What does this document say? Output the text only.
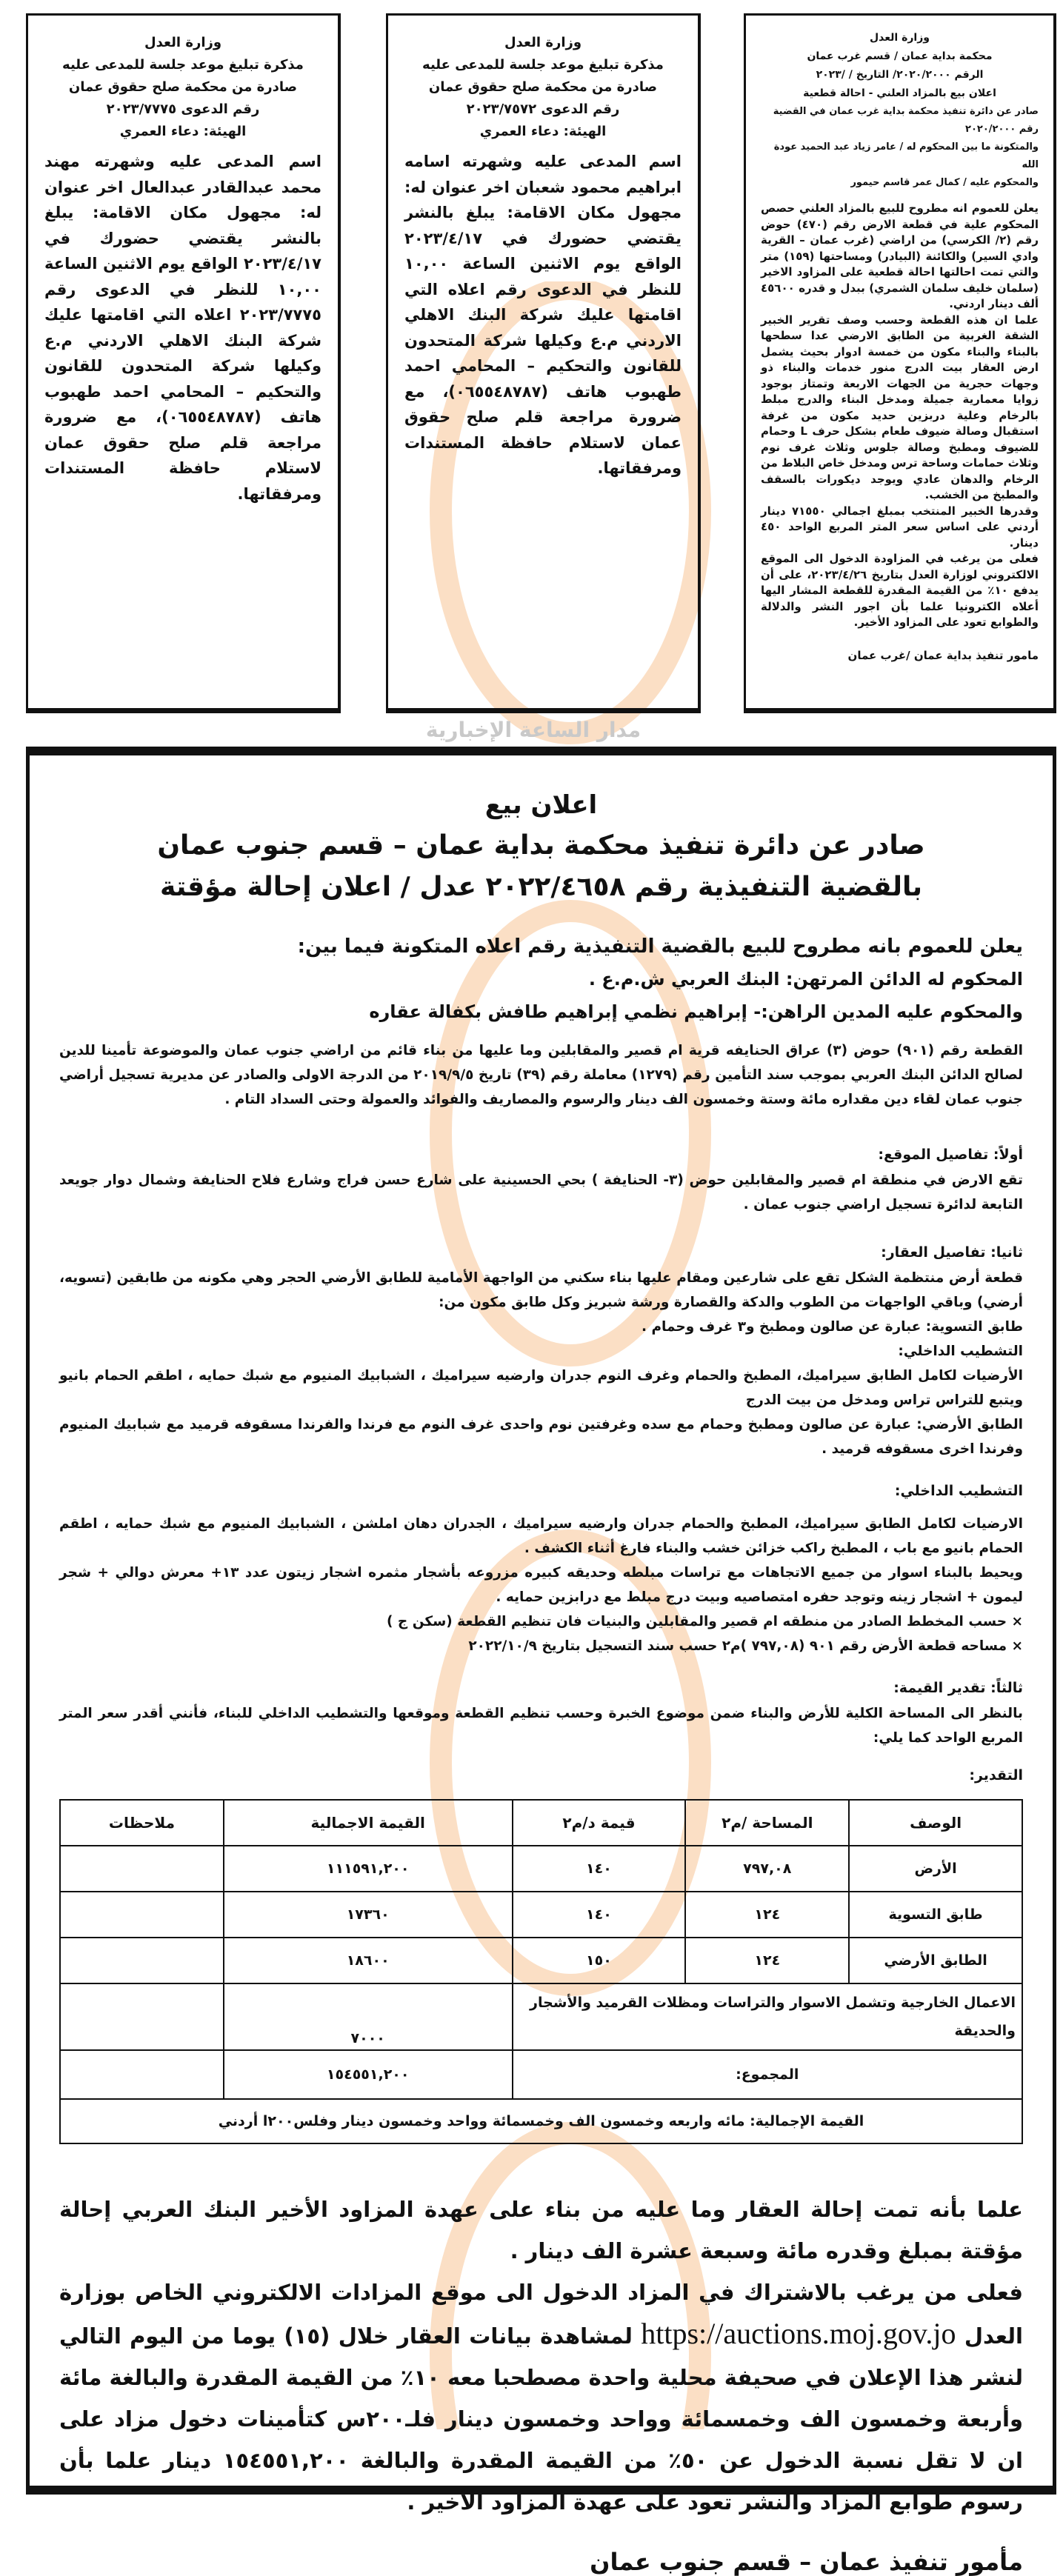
مدار الساعة الإخبارية
وزارة العدل
مذكرة تبليغ موعد جلسة للمدعى عليه
صادرة من محكمة صلح حقوق عمان
رقم الدعوى ٢٠٢٣/٧٧٧٥
الهيئة: دعاء العمري
اسم المدعى عليه وشهرته مهند محمد عبدالقادر عبدالعال اخر عنوان له: مجهول مكان الاقامة: يبلغ بالنشر يقتضي حضورك في ٢٠٢٣/٤/١٧ الواقع يوم الاثنين الساعة ١٠,٠٠ للنظر في الدعوى رقم ٢٠٢٣/٧٧٧٥ اعلاه التي اقامتها عليك شركة البنك الاهلي الاردني م.ع وكيلها شركة المتحدون للقانون والتحكيم – المحامي احمد طهبوب هاتف (٠٦٥٥٤٨٧٨٧)، مع ضرورة مراجعة قلم صلح حقوق عمان لاستلام حافظة المستندات ومرفقاتها.
وزارة العدل
مذكرة تبليغ موعد جلسة للمدعى عليه
صادرة من محكمة صلح حقوق عمان
رقم الدعوى ٢٠٢٣/٧٥٧٢
الهيئة: دعاء العمري
اسم المدعى عليه وشهرته اسامه ابراهيم محمود شعبان اخر عنوان له: مجهول مكان الاقامة: يبلغ بالنشر يقتضي حضورك في ٢٠٢٣/٤/١٧ الواقع يوم الاثنين الساعة ١٠,٠٠ للنظر في الدعوى رقم اعلاه التي اقامتها عليك شركة البنك الاهلي الاردني م.ع وكيلها شركة المتحدون للقانون والتحكيم – المحامي احمد طهبوب هاتف (٠٦٥٥٤٨٧٨٧)، مع ضرورة مراجعة قلم صلح حقوق عمان لاستلام حافظة المستندات ومرفقاتها.
وزارة العدل
محكمة بداية عمان / قسم غرب عمان
الرقم ٢٠٢٠/٢٠٠٠/ التاريخ / /٢٠٢٣
اعلان بيع بالمزاد العلني - احالة قطعية
صادر عن دائرة تنفيذ محكمة بداية غرب عمان في القضية رقم ٢٠٢٠/٢٠٠٠
والمتكونة ما بين المحكوم له / عامر زياد عبد الحميد عودة الله
والمحكوم عليه / كمال عمر قاسم حيمور
يعلن للعموم انه مطروح للبيع بالمزاد العلني حصص المحكوم علية في قطعة الارض رقم (٤٧٠) حوض رقم (٢/ الكرسي) من اراضي (غرب عمان – القرية وادي السير) والكائنة (البيادر) ومساحتها (١٥٩) متر والتي تمت احالتها احالة قطعية على المزاود الاخير (سلمان خليف سلمان الشمري) ببدل و قدره ٤٥٦٠٠ ألف دينار اردني.
علما ان هذه القطعة وحسب وصف تقرير الخبير الشقة الغربية من الطابق الارضي عدا سطحها بالبناء والبناء مكون من خمسة ادوار بحيث يشمل ارض العقار بيت الدرج منور خدمات والبناء ذو وجهات حجرية من الجهات الاربعة وتمتاز بوجود زوايا معمارية جميلة ومدخل البناء والدرج مبلط بالرخام وعلية دربزين حديد مكون من غرفة استقبال وصالة ضيوف طعام بشكل حرف L وحمام للضيوف ومطبخ وصالة جلوس وثلاث غرف نوم وثلاث حمامات وساحة ترس ومدخل خاص البلاط من الرخام والدهان عادي ويوجد ديكورات بالسقف والمطبخ من الخشب.
وقدرها الخبير المنتخب بمبلغ اجمالي ٧١٥٥٠ دينار أردني على اساس سعر المتر المربع الواحد ٤٥٠ دينار.
فعلى من يرغب في المزاودة الدخول الى الموقع الالكتروني لوزارة العدل بتاريخ ٢٠٢٣/٤/٢٦، على أن يدفع ١٠٪ من القيمة المقدرة للقطعة المشار اليها أعلاه الكترونيا علما بأن اجور النشر والدلالة والطوابع تعود على المزاود الأخير.
مامور تنفيذ بداية عمان /غرب عمان
اعلان بيع
صادر عن دائرة تنفيذ محكمة بداية عمان – قسم جنوب عمان
بالقضية التنفيذية رقم ٢٠٢٢/٤٦٥٨ عدل / اعلان إحالة مؤقتة
يعلن للعموم بانه مطروح للبيع بالقضية التنفيذية رقم اعلاه المتكونة فيما بين:
المحكوم له الدائن المرتهن: البنك العربي ش.م.ع .
والمحكوم عليه المدين الراهن:- إبراهيم نظمي إبراهيم طافش بكفالة عقاره
القطعة رقم (٩٠١) حوض (٣) عراق الحنايفه قرية ام قصير والمقابلين وما عليها من بناء قائم من اراضي جنوب عمان والموضوعة تأمينا للدين لصالح الدائن البنك العربي بموجب سند التأمين رقم (١٢٧٩) معاملة رقم (٣٩) تاريخ ٢٠١٩/٩/٥ من الدرجة الاولى والصادر عن مديرية تسجيل أراضي جنوب عمان لقاء دين مقداره مائة وستة وخمسون الف دينار والرسوم والمصاريف والفوائد والعمولة وحتى السداد التام .
أولاً: تفاصيل الموقع:
تقع الارض في منطقة ام قصير والمقابلين حوض (٣- الحنايفة ) بحي الحسينية على شارع حسن فراج وشارع فلاح الحنايفة وشمال دوار جويعد التابعة لدائرة تسجيل اراضي جنوب عمان .
ثانيا: تفاصيل العقار:
قطعة أرض منتظمة الشكل تقع على شارعين ومقام عليها بناء سكني من الواجهة الأمامية للطابق الأرضي الحجر وهي مكونه من طابقين (تسويه، أرضي) وباقي الواجهات من الطوب والدكة والقصارة ورشة شبريز وكل طابق مكون من:
طابق التسوية: عبارة عن صالون ومطبخ و٣ غرف وحمام .
التشطيب الداخلي:
الأرضيات لكامل الطابق سيراميك، المطبخ والحمام وغرف النوم جدران وارضيه سيراميك ، الشبابيك المنيوم مع شبك حمايه ، اطقم الحمام بانيو ويتبع للتراس تراس ومدخل من بيت الدرج
الطابق الأرضي: عبارة عن صالون ومطبخ وحمام مع سده وغرفتين نوم واحدى غرف النوم مع فرندا والفرندا مسقوفه قرميد مع شبابيك المنيوم وفرندا اخرى مسقوفه قرميد .
التشطيب الداخلي:
الارضيات لكامل الطابق سيراميك، المطبخ والحمام جدران وارضيه سيراميك ، الجدران دهان املشن ، الشبابيك المنيوم مع شبك حمايه ، اطقم الحمام بانيو مع باب ، المطبخ راكب خزائن خشب والبناء فارغ أثناء الكشف .
ويحيط بالبناء اسوار من جميع الاتجاهات مع تراسات مبلطه وحديقه كبيره مزروعه بأشجار مثمره اشجار زيتون عدد ١٣+ معرش دوالي + شجر ليمون + اشجار زينه وتوجد حفره امتصاصيه وبيت درج مبلط مع درابزين حمايه .
× حسب المخطط الصادر من منطقه ام قصير والمقابلين والبنيات فان تنظيم القطعة (سكن ج )
× مساحه قطعة الأرض رقم ٩٠١ (٧٩٧,٠٨ )م٢ حسب سند التسجيل بتاريخ ٢٠٢٢/١٠/٩
ثالثاً: تقدير القيمة:
بالنظر الى المساحة الكلية للأرض والبناء ضمن موضوع الخبرة وحسب تنظيم القطعة وموقعها والتشطيب الداخلي للبناء، فأنني أقدر سعر المتر المربع الواحد كما يلي:
التقدير:
الوصف	المساحة /م٢	قيمة د/م٢	القيمة الاجمالية	ملاحظات
الأرض	٧٩٧,٠٨	١٤٠	١١١٥٩١,٢٠٠	
طابق التسوية	١٢٤	١٤٠	١٧٣٦٠	
الطابق الأرضي	١٢٤	١٥٠	١٨٦٠٠	
الاعمال الخارجية وتشمل الاسوار والتراسات ومظلات القرميد والأشجار والحديقة			٧٠٠٠	
المجموع:			١٥٤٥٥١,٢٠٠	
القيمة الإجمالية: مائه واربعه وخمسون الف وخمسمائة وواحد وخمسون دينار وفلس٢٠٠ا أردني				
علما بأنه تمت إحالة العقار وما عليه من بناء على عهدة المزاود الأخير البنك العربي إحالة مؤقتة بمبلغ وقدره مائة وسبعة عشرة الف دينار .
فعلى من يرغب بالاشتراك في المزاد الدخول الى موقع المزادات الالكتروني الخاص بوزارة العدل https://auctions.moj.gov.jo لمشاهدة بيانات العقار خلال (١٥) يوما من اليوم التالي لنشر هذا الإعلان في صحيفة محلية واحدة مصطحبا معه ١٠٪ من القيمة المقدرة والبالغة مائة وأربعة وخمسون الف وخمسمائة وواحد وخمسون دينار فلـ٢٠٠س كتأمينات دخول مزاد على ان لا تقل نسبة الدخول عن ٥٠٪ من القيمة المقدرة والبالغة ١٥٤٥٥١,٢٠٠ دينار علما بأن رسوم طوابع المزاد والنشر تعود على عهدة المزاود الأخير .
مأمور تنفيذ عمان – قسم جنوب عمان
